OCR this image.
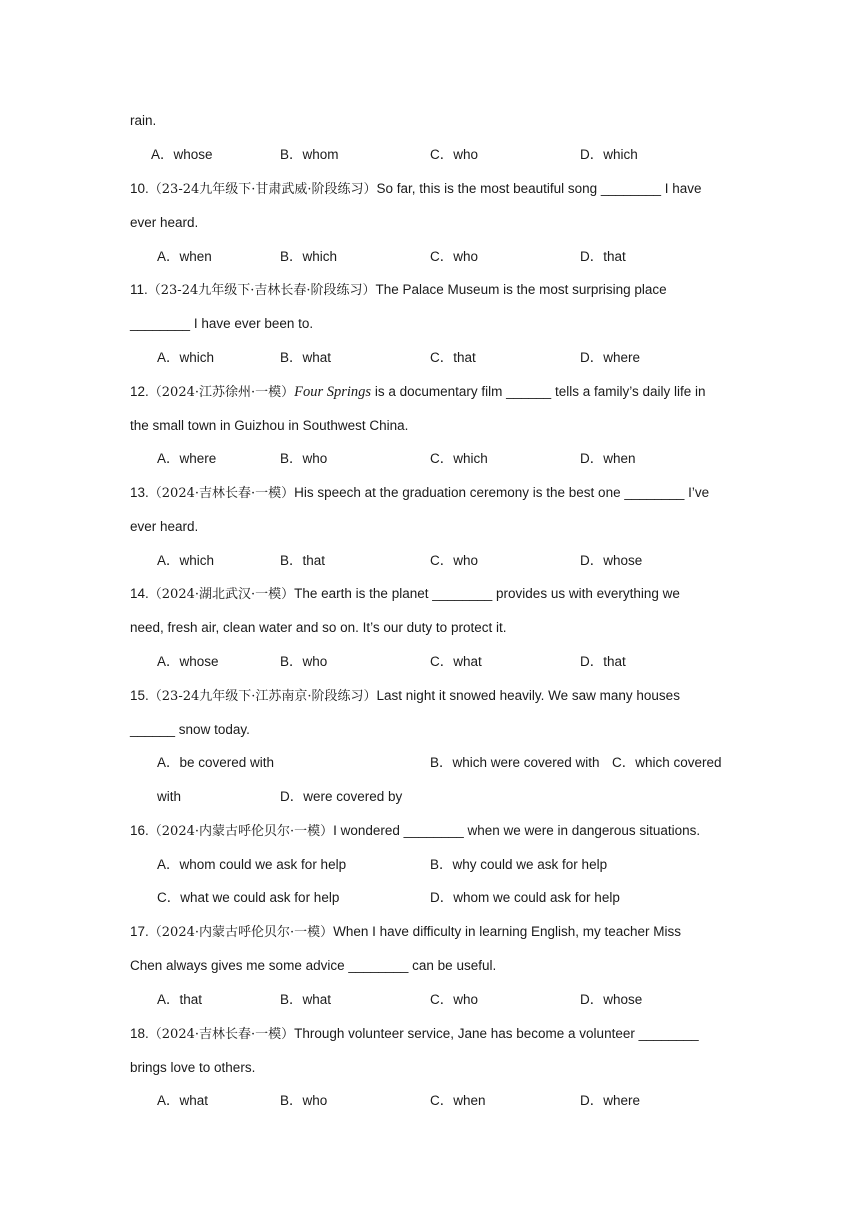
rain.
A．whose	B．whom	C．who	D．which
10.（23-24九年级下·甘肃武威·阶段练习）So far, this is the most beautiful song ________ I have
ever heard.
A．when	B．which	C．who	D．that
11.（23-24九年级下·吉林长春·阶段练习）The Palace Museum is the most surprising place
________ I have ever been to.
A．which	B．what	C．that	D．where
12.（2024·江苏徐州·一模）Four Springs is a documentary film ______ tells a family’s daily life in
the small town in Guizhou in Southwest China.
A．where	B．who	C．which	D．when
13.（2024·吉林长春·一模）His speech at the graduation ceremony is the best one ________ I’ve
ever heard.
A．which	B．that	C．who	D．whose
14.（2024·湖北武汉·一模）The earth is the planet ________ provides us with everything we
need, fresh air, clean water and so on. It’s our duty to protect it.
A．whose	B．who	C．what	D．that
15.（23-24九年级下·江苏南京·阶段练习）Last night it snowed heavily. We saw many houses
______ snow today.
A．be covered with	B．which were covered with C．which covered
with	D．were covered by
16.（2024·内蒙古呼伦贝尔·一模）I wondered ________ when we were in dangerous situations.
A．whom could we ask for help	B．why could we ask for help
C．what we could ask for help	D．whom we could ask for help
17.（2024·内蒙古呼伦贝尔·一模）When I have difficulty in learning English, my teacher Miss
Chen always gives me some advice ________ can be useful.
A．that	B．what	C．who	D．whose
18.（2024·吉林长春·一模）Through volunteer service, Jane has become a volunteer ________
brings love to others.
A．what	B．who	C．when	D．where
